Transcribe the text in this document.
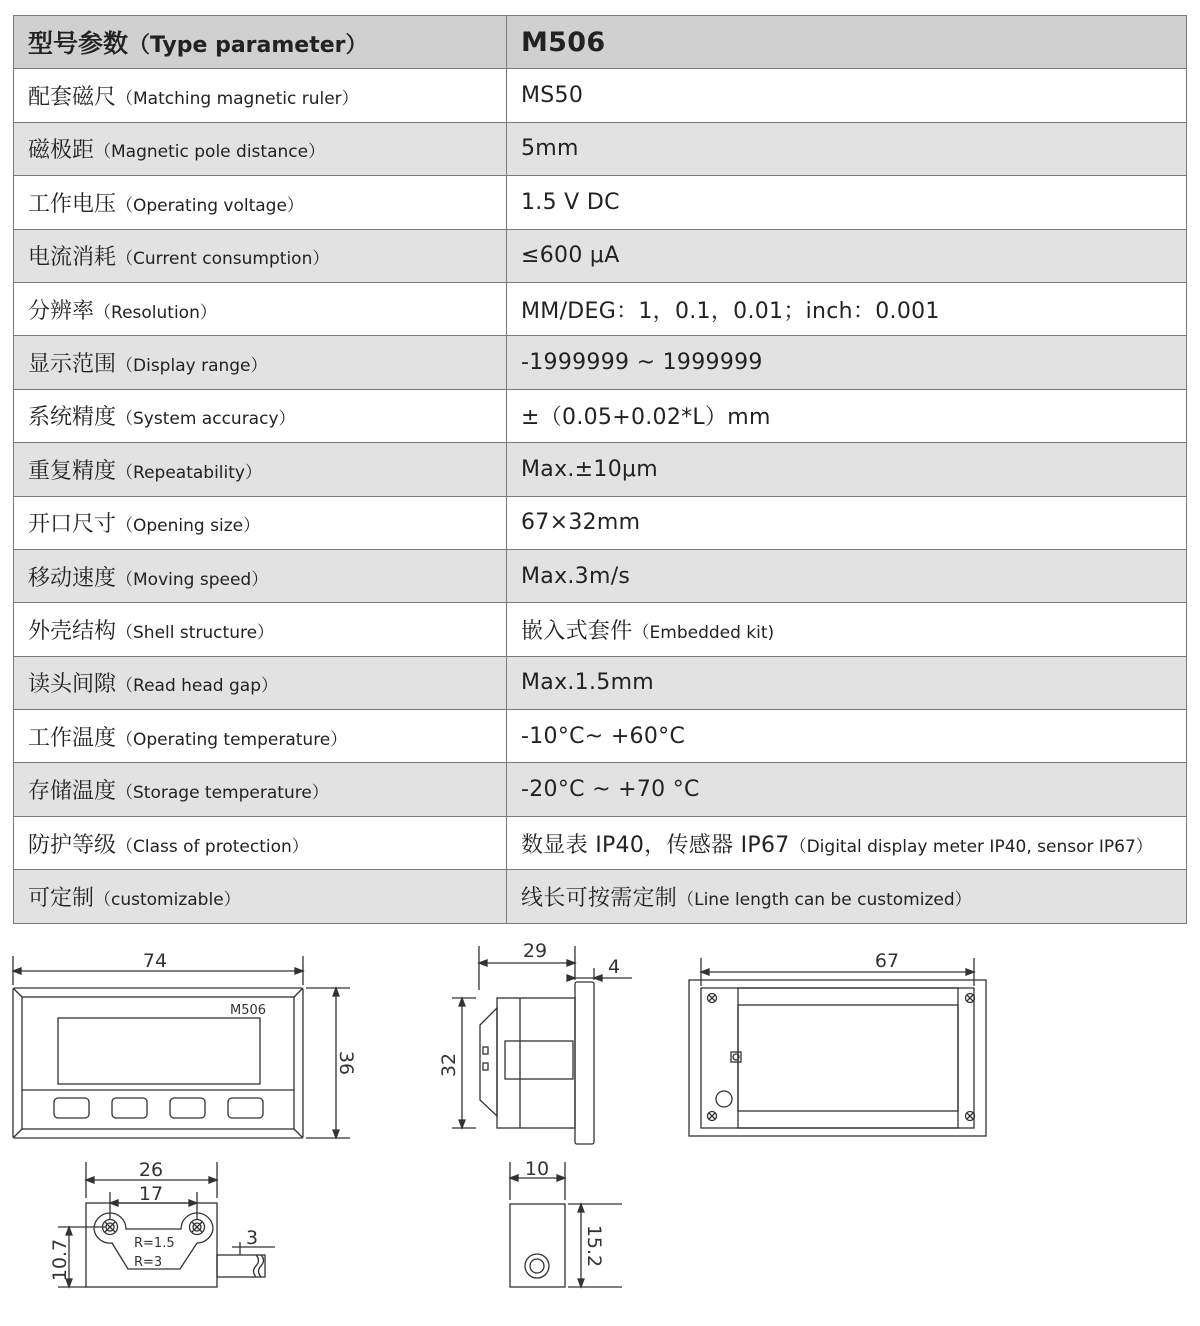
型号参数（Type parameter）	M506
配套磁尺（Matching magnetic ruler）	MS50
磁极距（Magnetic pole distance）	5mm
工作电压（Operating voltage）	1.5 V DC
电流消耗（Current consumption）	≤600 μA
分辨率（Resolution）	MM/DEG：1，0.1，0.01；inch：0.001
显示范围（Display range）	-1999999 ~ 1999999
系统精度（System accuracy）	±（0.05+0.02*L）mm
重复精度（Repeatability）	Max.±10μm
开口尺寸（Opening size）	67×32mm
移动速度（Moving speed）	Max.3m/s
外壳结构（Shell structure）	嵌入式套件（Embedded kit)
读头间隙（Read head gap）	Max.1.5mm
工作温度（Operating temperature）	-10°C~ +60°C
存储温度（Storage temperature）	-20°C ~ +70 °C
防护等级（Class of protection）	数显表 IP40，传感器 IP67（Digital display meter IP40, sensor IP67）
可定制（customizable）	线长可按需定制（Line length can be customized）
M506
74
36
29
4
32
67
R=1.5
R=3
26
17
10.7
3
10
15.2
